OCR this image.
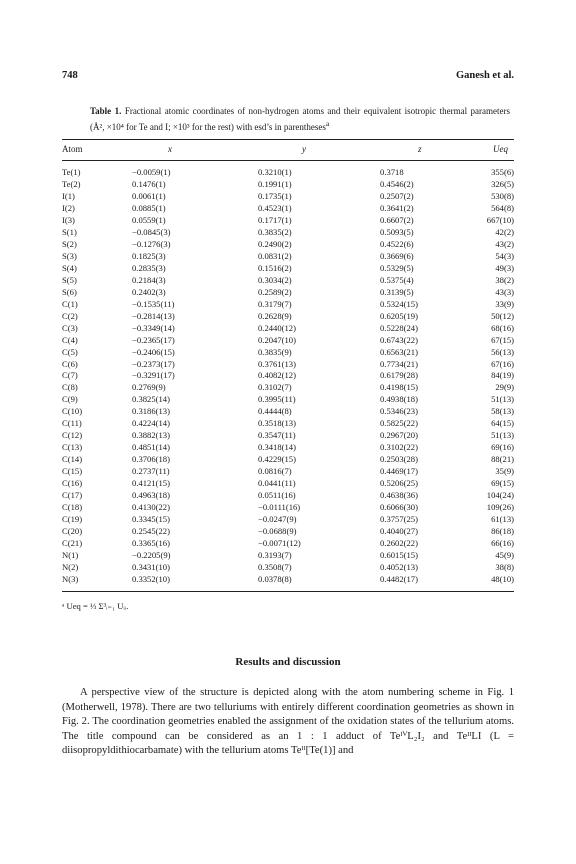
748	Ganesh et al.
Table 1. Fractional atomic coordinates of non-hydrogen atoms and their equivalent isotropic thermal parameters (Å², ×10⁴ for Te and I; ×10³ for the rest) with esd’s in parentheses$^a$
Atom	x	y	z	Ueq
Te(1)	−0.0059(1)	0.3210(1)	0.3718	355(6)
Te(2)	0.1476(1)	0.1991(1)	0.4546(2)	326(5)
I(1)	0.0061(1)	0.1735(1)	0.2507(2)	530(8)
I(2)	0.0885(1)	0.4523(1)	0.3641(2)	564(8)
I(3)	0.0559(1)	0.1717(1)	0.6607(2)	667(10)
S(1)	−0.0845(3)	0.3835(2)	0.5093(5)	42(2)
S(2)	−0.1276(3)	0.2490(2)	0.4522(6)	43(2)
S(3)	0.1825(3)	0.0831(2)	0.3669(6)	54(3)
S(4)	0.2835(3)	0.1516(2)	0.5329(5)	49(3)
S(5)	0.2184(3)	0.3034(2)	0.5375(4)	38(2)
S(6)	0.2402(3)	0.2589(2)	0.3139(5)	43(3)
C(1)	−0.1535(11)	0.3179(7)	0.5324(15)	33(9)
C(2)	−0.2814(13)	0.2628(9)	0.6205(19)	50(12)
C(3)	−0.3349(14)	0.2440(12)	0.5228(24)	68(16)
C(4)	−0.2365(17)	0.2047(10)	0.6743(22)	67(15)
C(5)	−0.2406(15)	0.3835(9)	0.6563(21)	56(13)
C(6)	−0.2373(17)	0.3761(13)	0.7734(21)	67(16)
C(7)	−0.3291(17)	0.4082(12)	0.6179(28)	84(19)
C(8)	0.2769(9)	0.3102(7)	0.4198(15)	29(9)
C(9)	0.3825(14)	0.3995(11)	0.4938(18)	51(13)
C(10)	0.3186(13)	0.4444(8)	0.5346(23)	58(13)
C(11)	0.4224(14)	0.3518(13)	0.5825(22)	64(15)
C(12)	0.3882(13)	0.3547(11)	0.2967(20)	51(13)
C(13)	0.4851(14)	0.3418(14)	0.3102(22)	69(16)
C(14)	0.3706(18)	0.4229(15)	0.2503(28)	88(21)
C(15)	0.2737(11)	0.0816(7)	0.4469(17)	35(9)
C(16)	0.4121(15)	0.0441(11)	0.5206(25)	69(15)
C(17)	0.4963(18)	0.0511(16)	0.4638(36)	104(24)
C(18)	0.4130(22)	−0.0111(16)	0.6066(30)	109(26)
C(19)	0.3345(15)	−0.0247(9)	0.3757(25)	61(13)
C(20)	0.2545(22)	−0.0688(9)	0.4040(27)	86(18)
C(21)	0.3365(16)	−0.0071(12)	0.2602(22)	66(16)
N(1)	−0.2205(9)	0.3193(7)	0.6015(15)	45(9)
N(2)	0.3431(10)	0.3508(7)	0.4052(13)	38(8)
N(3)	0.3352(10)	0.0378(8)	0.4482(17)	48(10)
ᵃ Ueq = ⅓ Σ³ᵢ₌₁ Uᵢᵢ.
Results and discussion
A perspective view of the structure is depicted along with the atom numbering scheme in Fig. 1 (Motherwell, 1978). There are two telluriums with entirely different coordination geometries as shown in Fig. 2. The coordination geometries enabled the assignment of the oxidation states of the tellurium atoms. The title compound can be considered as an 1 : 1 adduct of TeᴵⱽL₂I₂ and TeᴵᴵLI (L = diisopropyldithiocarbamate) with the tellurium atoms Teᴵᴵ[Te(1)] and
